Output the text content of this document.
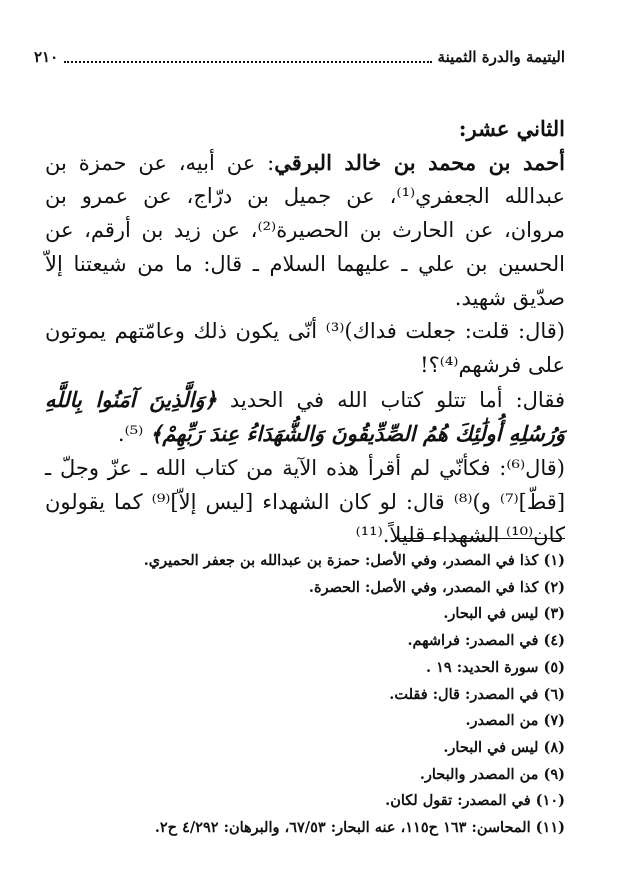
اليتيمة والدرة الثمينة
٢١٠

الثاني عشر:

أحمد بن محمد بن خالد البرقي: عن أبيه، عن حمزة بن عبدالله الجعفري⁽¹⁾، عن جميل بن درّاج، عن عمرو بن مروان، عن الحارث بن الحصيرة⁽²⁾، عن زيد بن أرقم، عن الحسين بن علي ـ عليهما السلام ـ قال: ما من شيعتنا إلاّ صدّيق شهيد.

(قال: قلت: جعلت فداك)⁽³⁾ أنّى يكون ذلك وعامّتهم يموتون على فرشهم⁽⁴⁾؟!

فقال: أما تتلو كتاب الله في الحديد ﴿وَالَّذِينَ آمَنُوا بِاللَّهِ وَرُسُلِهِ أُولَٰئِكَ هُمُ الصِّدِّيقُونَ وَالشُّهَدَاءُ عِندَ رَبِّهِمْ﴾ ⁽⁵⁾.

(قال⁽⁶⁾: فكأنّي لم أقرأ هذه الآية من كتاب الله ـ عزّ وجلّ ـ [قطّ]⁽⁷⁾ و)⁽⁸⁾ قال: لو كان الشهداء [ليس إلاّ]⁽⁹⁾ كما يقولون كان⁽¹⁰⁾ الشهداء قليلاً.⁽¹¹⁾

(١) كذا في المصدر، وفي الأصل: حمزة بن عبدالله بن جعفر الحميري.
(٢) كذا في المصدر، وفي الأصل: الحصرة.
(٣) ليس في البحار.
(٤) في المصدر: فراشهم.
(٥) سورة الحديد: ١٩ .
(٦) في المصدر: قال: فقلت.
(٧) من المصدر.
(٨) ليس في البحار.
(٩) من المصدر والبحار.
(١٠) في المصدر: تقول لكان.
(١١) المحاسن: ١٦٣ ح١١٥، عنه البحار: ٦٧/٥٣، والبرهان: ٤/٢٩٢ ح٢.
